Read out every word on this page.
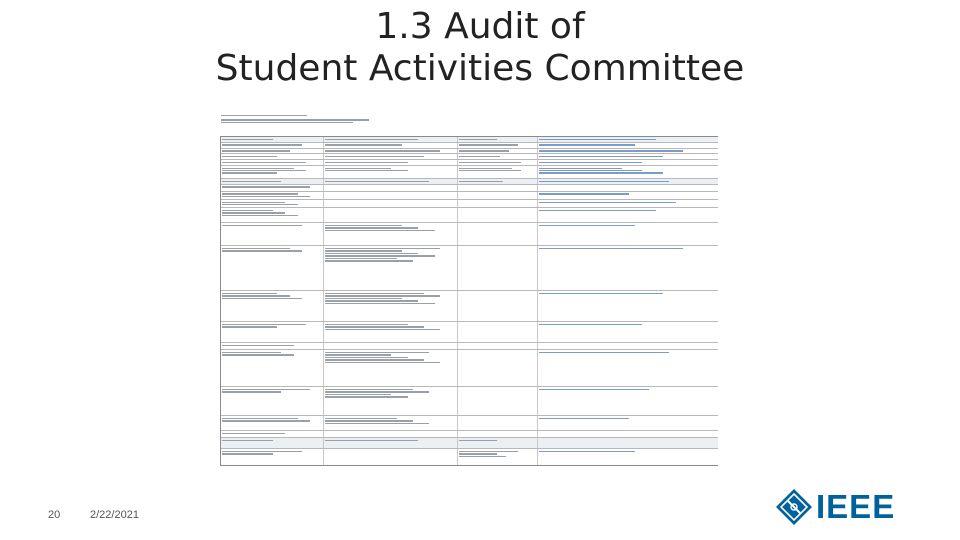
1.3 Audit of
Student Activities Committee
20	2/22/2021	IEEE
